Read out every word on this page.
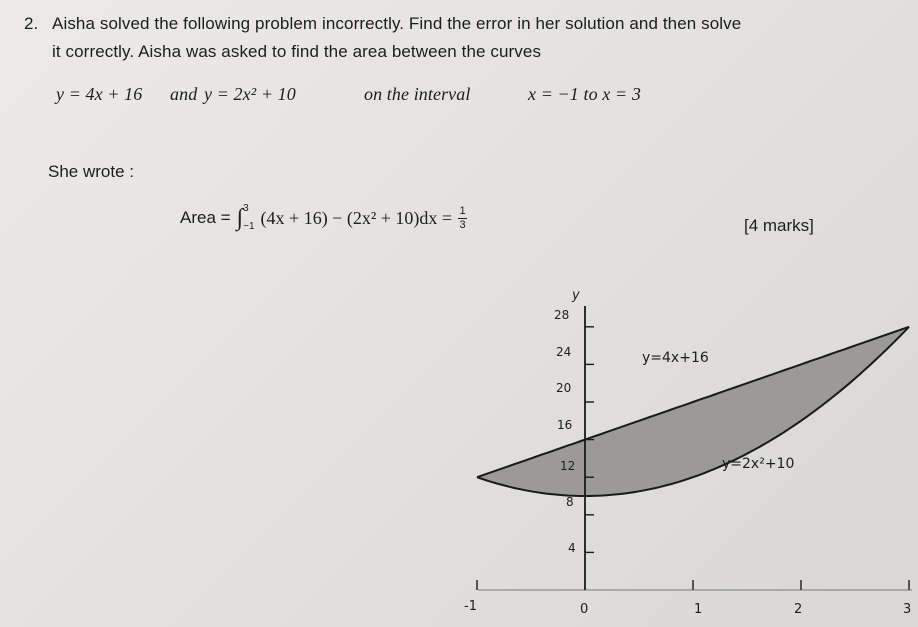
2. Aisha solved the following problem incorrectly. Find the error in her solution and then solve
it correctly. Aisha was asked to find the area between the curves
y = 4x + 16 and y = 2x² + 10	on the interval	x = −1 to x = 3
She wrote :
Area = ∫ 3
−1 $(4x + 16) - (2x^2 + 10)dx = \frac{1}{3}$	[4 marks]
y
28
24
20
16
12
8
4
-1	0	1	2	3
y=4x+16
y=2x²+10
